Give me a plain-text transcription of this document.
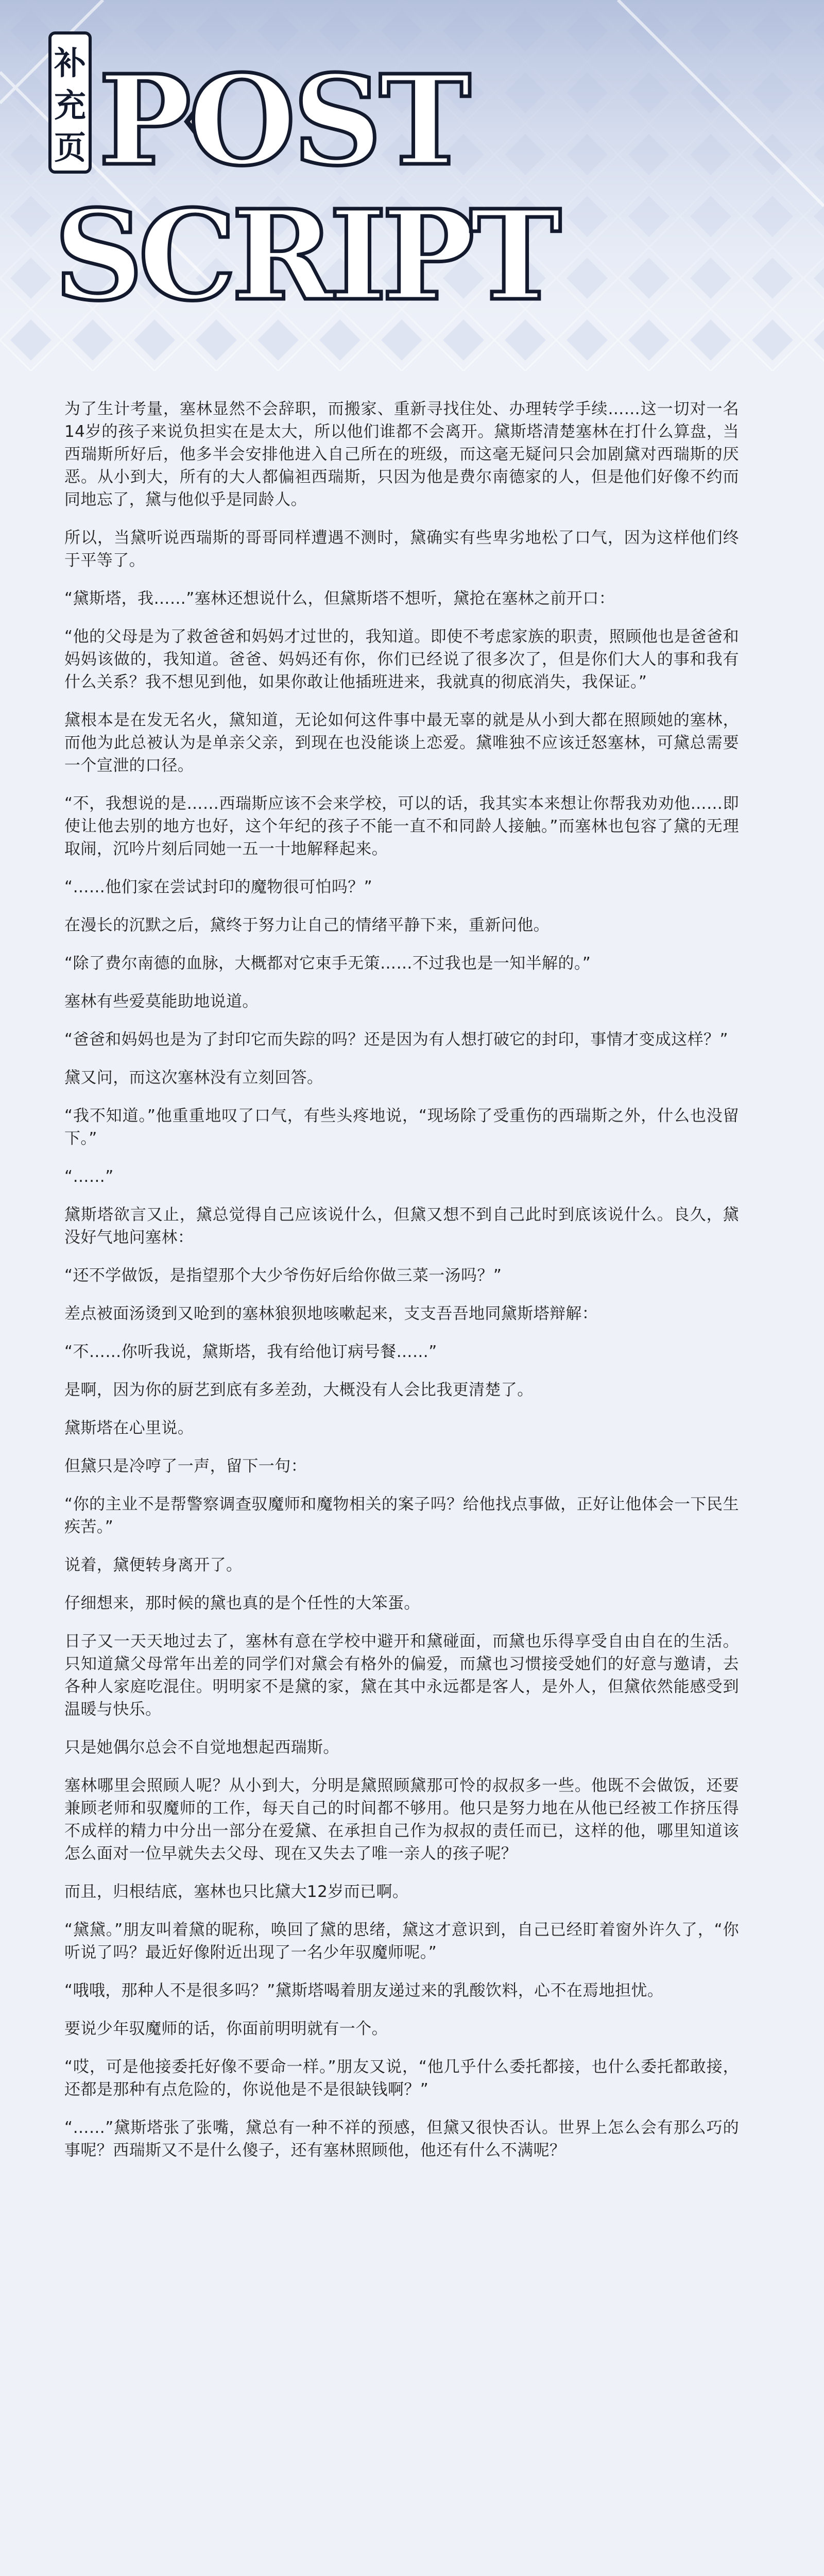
补
充
页 POST
SCRIPT

为了生计考量，塞林显然不会辞职，而搬家、重新寻找住处、办理转学手续……这一切对一名14岁的孩子来说负担实在是太大，所以他们谁都不会离开。黛斯塔清楚塞林在打什么算盘，当西瑞斯所好后，他多半会安排他进入自己所在的班级，而这毫无疑问只会加剧黛对西瑞斯的厌恶。从小到大，所有的大人都偏袒西瑞斯，只因为他是费尔南德家的人，但是他们好像不约而同地忘了，黛与他似乎是同龄人。

所以，当黛听说西瑞斯的哥哥同样遭遇不测时，黛确实有些卑劣地松了口气，因为这样他们终于平等了。

“黛斯塔，我……”塞林还想说什么，但黛斯塔不想听，黛抢在塞林之前开口：

“他的父母是为了救爸爸和妈妈才过世的，我知道。即使不考虑家族的职责，照顾他也是爸爸和妈妈该做的，我知道。爸爸、妈妈还有你，你们已经说了很多次了，但是你们大人的事和我有什么关系？我不想见到他，如果你敢让他插班进来，我就真的彻底消失，我保证。”

黛根本是在发无名火，黛知道，无论如何这件事中最无辜的就是从小到大都在照顾她的塞林，而他为此总被认为是单亲父亲，到现在也没能谈上恋爱。黛唯独不应该迁怒塞林，可黛总需要一个宣泄的口径。

“不，我想说的是……西瑞斯应该不会来学校，可以的话，我其实本来想让你帮我劝劝他……即使让他去别的地方也好，这个年纪的孩子不能一直不和同龄人接触。”而塞林也包容了黛的无理取闹，沉吟片刻后同她一五一十地解释起来。

“……他们家在尝试封印的魔物很可怕吗？”

在漫长的沉默之后，黛终于努力让自己的情绪平静下来，重新问他。

“除了费尔南德的血脉，大概都对它束手无策……不过我也是一知半解的。”

塞林有些爱莫能助地说道。

“爸爸和妈妈也是为了封印它而失踪的吗？还是因为有人想打破它的封印，事情才变成这样？”

黛又问，而这次塞林没有立刻回答。

“我不知道。”他重重地叹了口气，有些头疼地说，“现场除了受重伤的西瑞斯之外，什么也没留下。”

“……”

黛斯塔欲言又止，黛总觉得自己应该说什么，但黛又想不到自己此时到底该说什么。良久，黛没好气地问塞林：

“还不学做饭，是指望那个大少爷伤好后给你做三菜一汤吗？”

差点被面汤烫到又呛到的塞林狼狈地咳嗽起来，支支吾吾地同黛斯塔辩解：

“不……你听我说，黛斯塔，我有给他订病号餐……”

是啊，因为你的厨艺到底有多差劲，大概没有人会比我更清楚了。

黛斯塔在心里说。

但黛只是冷哼了一声，留下一句：

“你的主业不是帮警察调查驭魔师和魔物相关的案子吗？给他找点事做，正好让他体会一下民生疾苦。”

说着，黛便转身离开了。

仔细想来，那时候的黛也真的是个任性的大笨蛋。

日子又一天天地过去了，塞林有意在学校中避开和黛碰面，而黛也乐得享受自由自在的生活。只知道黛父母常年出差的同学们对黛会有格外的偏爱，而黛也习惯接受她们的好意与邀请，去各种人家庭吃混住。明明家不是黛的家，黛在其中永远都是客人，是外人，但黛依然能感受到温暖与快乐。

只是她偶尔总会不自觉地想起西瑞斯。

塞林哪里会照顾人呢？从小到大，分明是黛照顾黛那可怜的叔叔多一些。他既不会做饭，还要兼顾老师和驭魔师的工作，每天自己的时间都不够用。他只是努力地在从他已经被工作挤压得不成样的精力中分出一部分在爱黛、在承担自己作为叔叔的责任而已，这样的他，哪里知道该怎么面对一位早就失去父母、现在又失去了唯一亲人的孩子呢？

而且，归根结底，塞林也只比黛大12岁而已啊。

“黛黛。”朋友叫着黛的昵称，唤回了黛的思绪，黛这才意识到，自己已经盯着窗外许久了，“你听说了吗？最近好像附近出现了一名少年驭魔师呢。”

“哦哦，那种人不是很多吗？”黛斯塔喝着朋友递过来的乳酸饮料，心不在焉地担忧。

要说少年驭魔师的话，你面前明明就有一个。

“哎，可是他接委托好像不要命一样。”朋友又说，“他几乎什么委托都接，也什么委托都敢接，还都是那种有点危险的，你说他是不是很缺钱啊？”

“……”黛斯塔张了张嘴，黛总有一种不祥的预感，但黛又很快否认。世界上怎么会有那么巧的事呢？西瑞斯又不是什么傻子，还有塞林照顾他，他还有什么不满呢？
